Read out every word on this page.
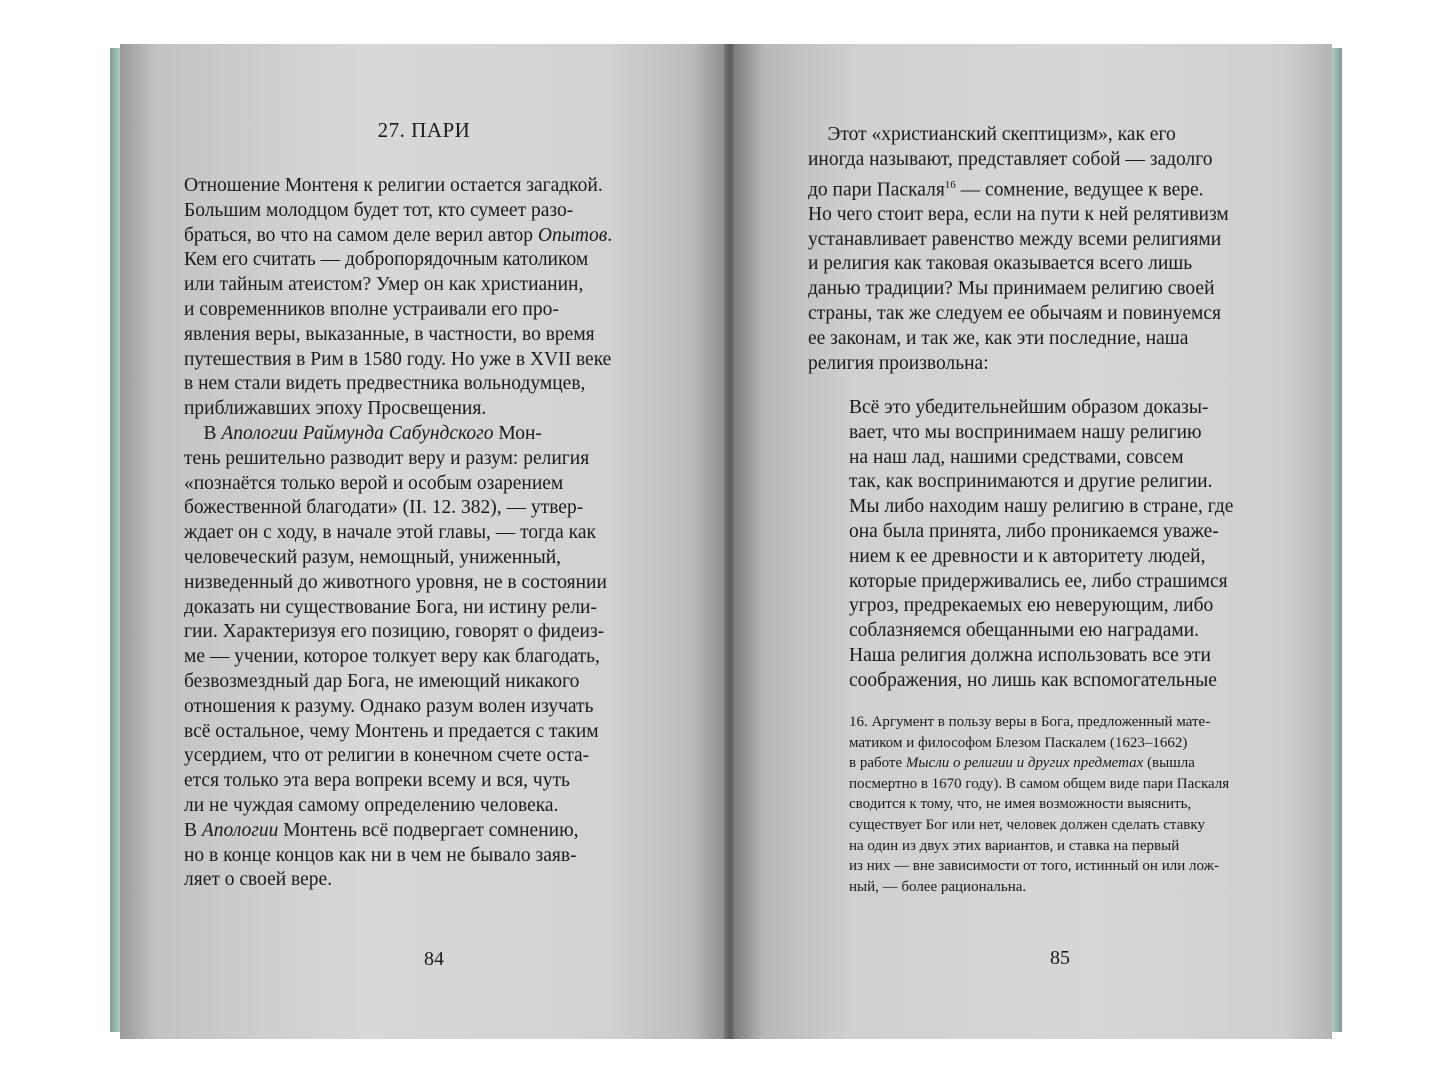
27. ПАРИ
Отношение Монтеня к религии остается загадкой.
Большим молодцом будет тот, кто сумеет разо-
браться, во что на самом деле верил автор Опытов.
Кем его считать — добропорядочным католиком
или тайным атеистом? Умер он как христианин,
и современников вполне устраивали его про-
явления веры, выказанные, в частности, во время
путешествия в Рим в 1580 году. Но уже в XVII веке
в нем стали видеть предвестника вольнодумцев,
приближавших эпоху Просвещения.
В Апологии Раймунда Сабундского Мон-
тень решительно разводит веру и разум: религия
«познаётся только верой и особым озарением
божественной благодати» (II. 12. 382), — утвер-
ждает он с ходу, в начале этой главы, — тогда как
человеческий разум, немощный, униженный,
низведенный до животного уровня, не в состоянии
доказать ни существование Бога, ни истину рели-
гии. Характеризуя его позицию, говорят о фидеиз-
ме — учении, которое толкует веру как благодать,
безвозмездный дар Бога, не имеющий никакого
отношения к разуму. Однако разум волен изучать
всё остальное, чему Монтень и предается с таким
усердием, что от религии в конечном счете оста-
ется только эта вера вопреки всему и вся, чуть
ли не чуждая самому определению человека.
В Апологии Монтень всё подвергает сомнению,
но в конце концов как ни в чем не бывало заяв-
ляет о своей вере.
84
Этот «христианский скептицизм», как его
иногда называют, представляет собой — задолго
до пари Паскаля$^{16}$ — сомнение, ведущее к вере.
Но чего стоит вера, если на пути к ней релятивизм
устанавливает равенство между всеми религиями
и религия как таковая оказывается всего лишь
данью традиции? Мы принимаем религию своей
страны, так же следуем ее обычаям и повинуемся
ее законам, и так же, как эти последние, наша
религия произвольна:
Всё это убедительнейшим образом доказы-
вает, что мы воспринимаем нашу религию
на наш лад, нашими средствами, совсем
так, как воспринимаются и другие религии.
Мы либо находим нашу религию в стране, где
она была принята, либо проникаемся уваже-
нием к ее древности и к авторитету людей,
которые придерживались ее, либо страшимся
угроз, предрекаемых ею неверующим, либо
соблазняемся обещанными ею наградами.
Наша религия должна использовать все эти
соображения, но лишь как вспомогательные
16. Аргумент в пользу веры в Бога, предложенный матe-
матиком и философом Блезом Паскалем (1623–1662)
в работе Мысли о религии и других предметах (вышла
посмертно в 1670 году). В самом общем виде пари Паскаля
сводится к тому, что, не имея возможности выяснить,
существует Бог или нет, человек должен сделать ставку
на один из двух этих вариантов, и ставка на первый
из них — вне зависимости от того, истинный он или лож-
ный, — более рациональна.
85
